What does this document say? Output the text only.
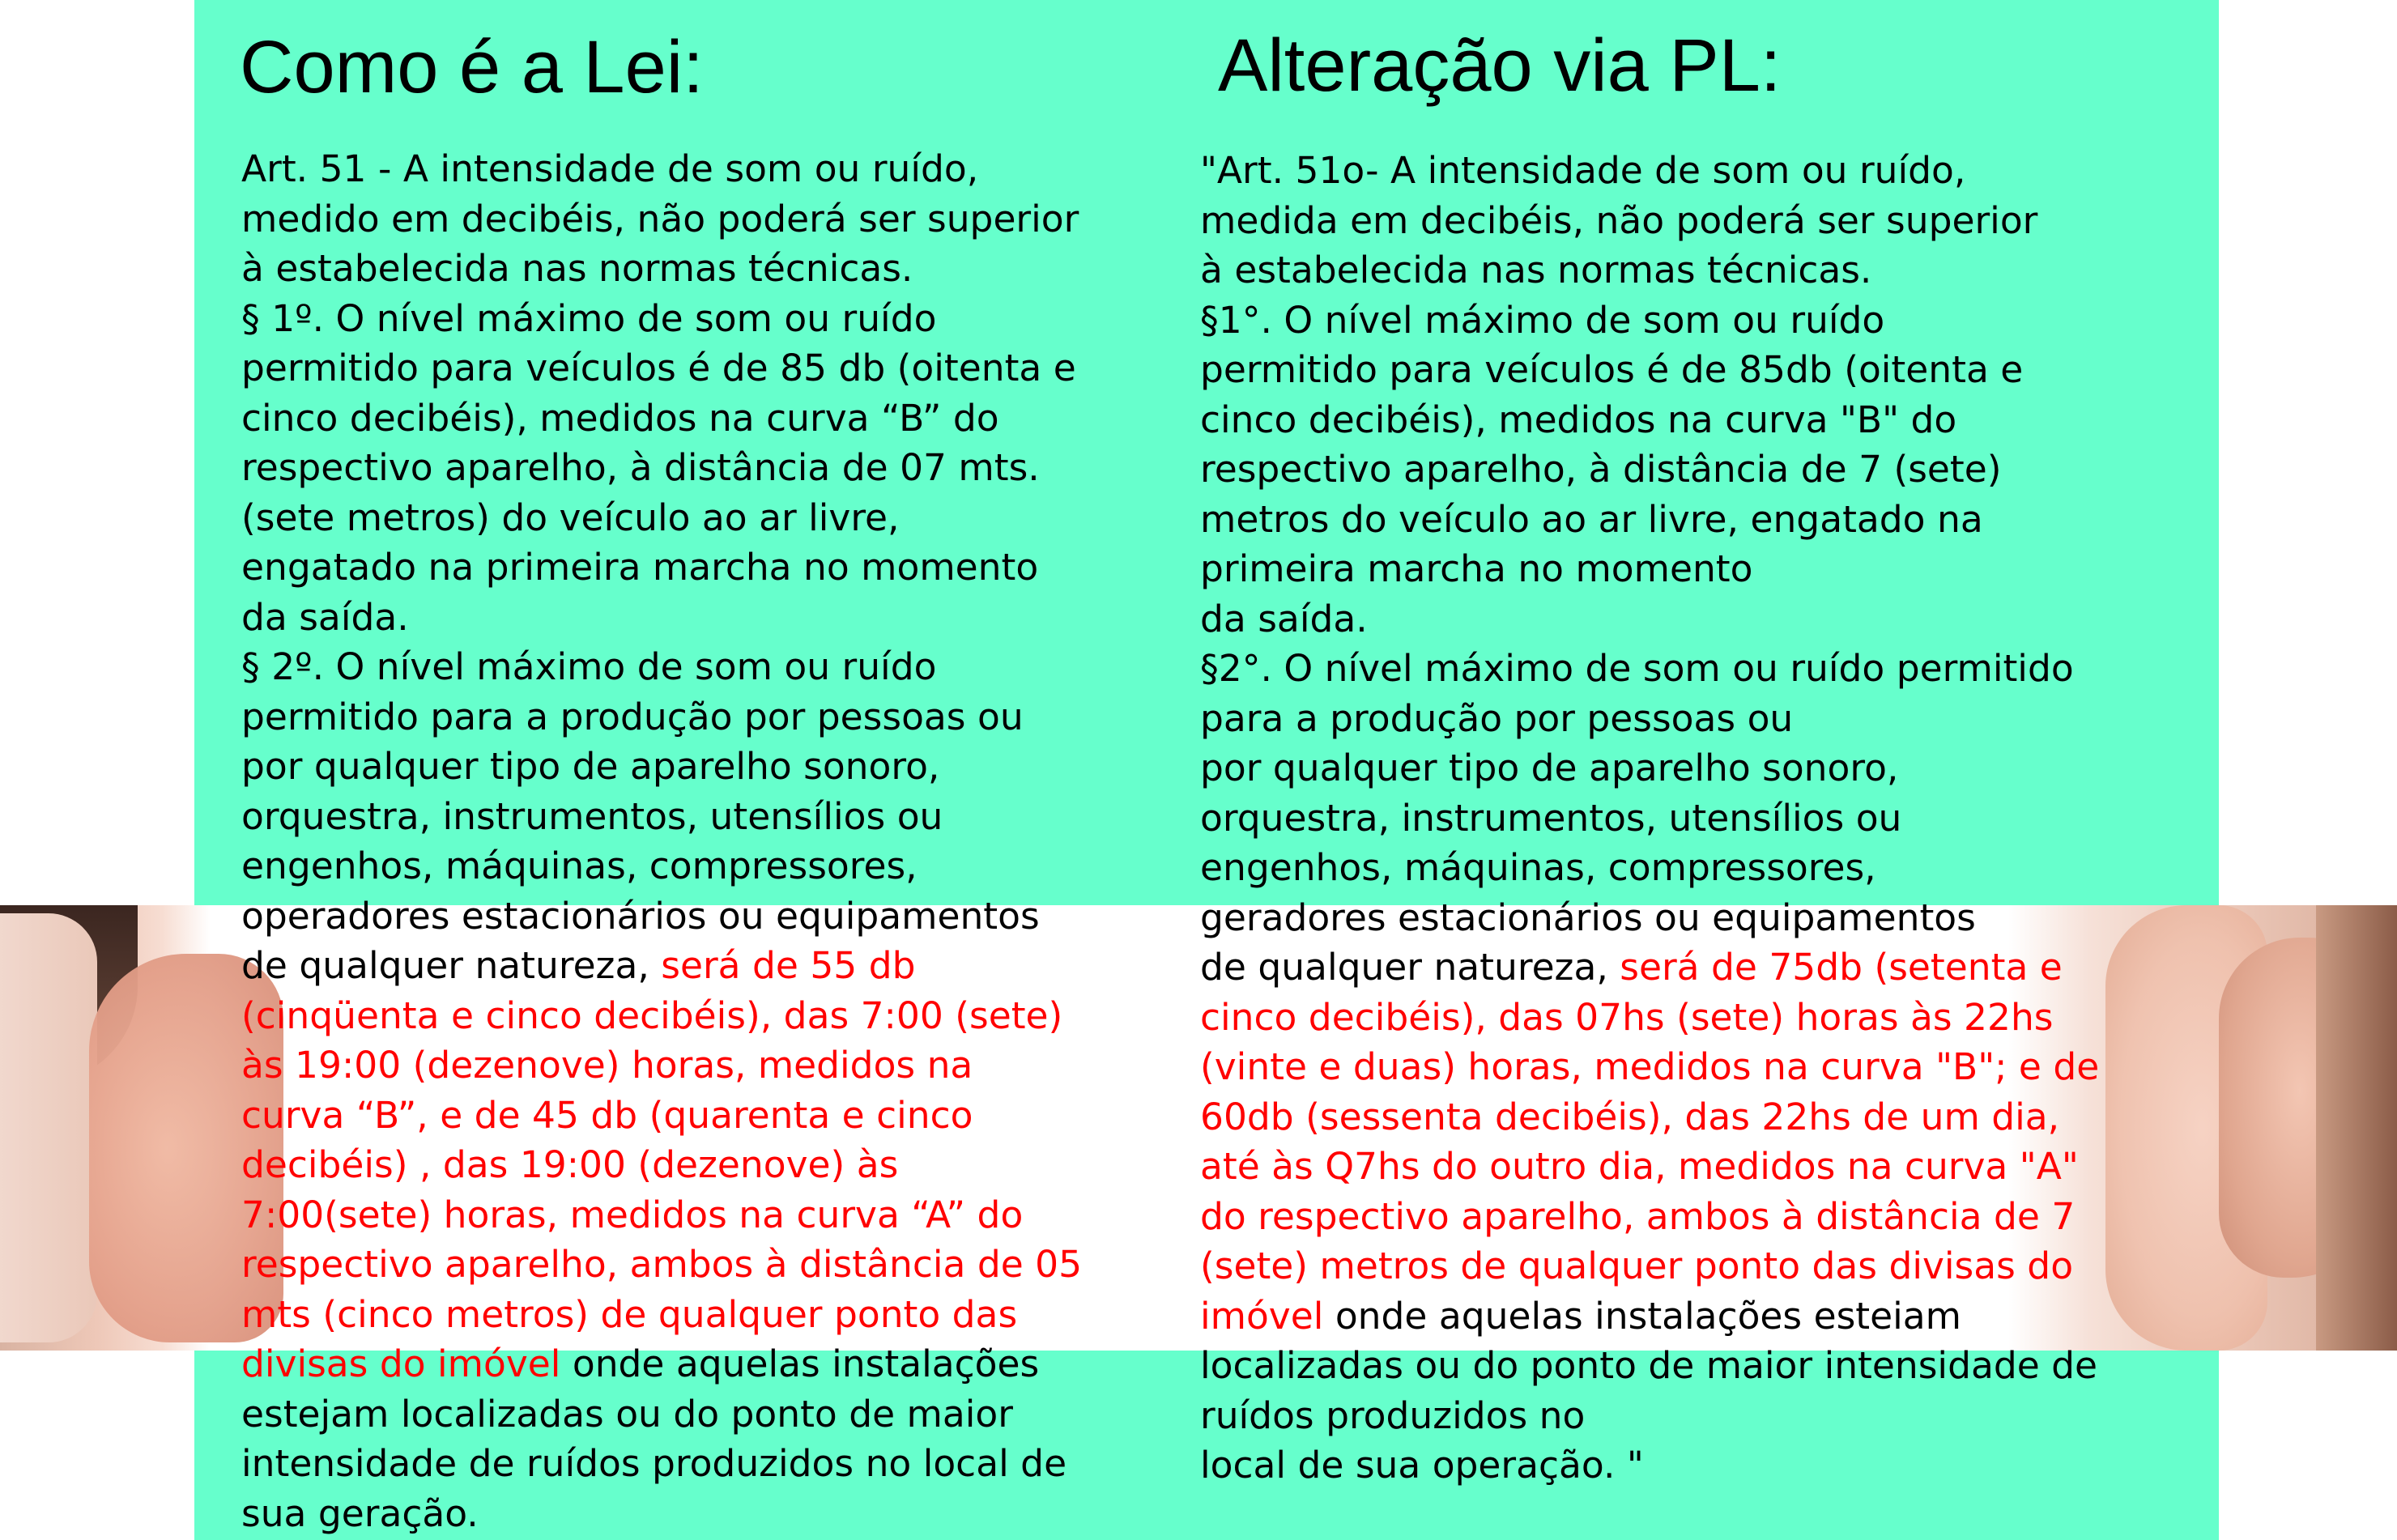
Como é a Lei:
Art. 51 - A intensidade de som ou ruído,
medido em decibéis, não poderá ser superior
à estabelecida nas normas técnicas.
§ 1º. O nível máximo de som ou ruído
permitido para veículos é de 85 db (oitenta e
cinco decibéis), medidos na curva “B” do
respectivo aparelho, à distância de 07 mts.
(sete metros) do veículo ao ar livre,
engatado na primeira marcha no momento
da saída.
§ 2º. O nível máximo de som ou ruído
permitido para a produção por pessoas ou
por qualquer tipo de aparelho sonoro,
orquestra, instrumentos, utensílios ou
engenhos, máquinas, compressores,
operadores estacionários ou equipamentos
de qualquer natureza, será de 55 db
(cinqüenta e cinco decibéis), das 7:00 (sete)
às 19:00 (dezenove) horas, medidos na
curva “B”, e de 45 db (quarenta e cinco
decibéis) , das 19:00 (dezenove) às
7:00(sete) horas, medidos na curva “A” do
respectivo aparelho, ambos à distância de 05
mts (cinco metros) de qualquer ponto das
divisas do imóvel onde aquelas instalações
estejam localizadas ou do ponto de maior
intensidade de ruídos produzidos no local de
sua geração.
Alteração via PL:
"Art. 51o- A intensidade de som ou ruído,
medida em decibéis, não poderá ser superior
à estabelecida nas normas técnicas.
§1°. O nível máximo de som ou ruído
permitido para veículos é de 85db (oitenta e
cinco decibéis), medidos na curva "B" do
respectivo aparelho, à distância de 7 (sete)
metros do veículo ao ar livre, engatado na
primeira marcha no momento
da saída.
§2°. O nível máximo de som ou ruído permitido
para a produção por pessoas ou
por qualquer tipo de aparelho sonoro,
orquestra, instrumentos, utensílios ou
engenhos, máquinas, compressores,
geradores estacionários ou equipamentos
de qualquer natureza, será de 75db (setenta e
cinco decibéis), das 07hs (sete) horas às 22hs
(vinte e duas) horas, medidos na curva "B"; e de
60db (sessenta decibéis), das 22hs de um dia,
até às Q7hs do outro dia, medidos na curva "A"
do respectivo aparelho, ambos à distância de 7
(sete) metros de qualquer ponto das divisas do
imóvel onde aquelas instalações esteiam
localizadas ou do ponto de maior intensidade de
ruídos produzidos no
local de sua operação. "
